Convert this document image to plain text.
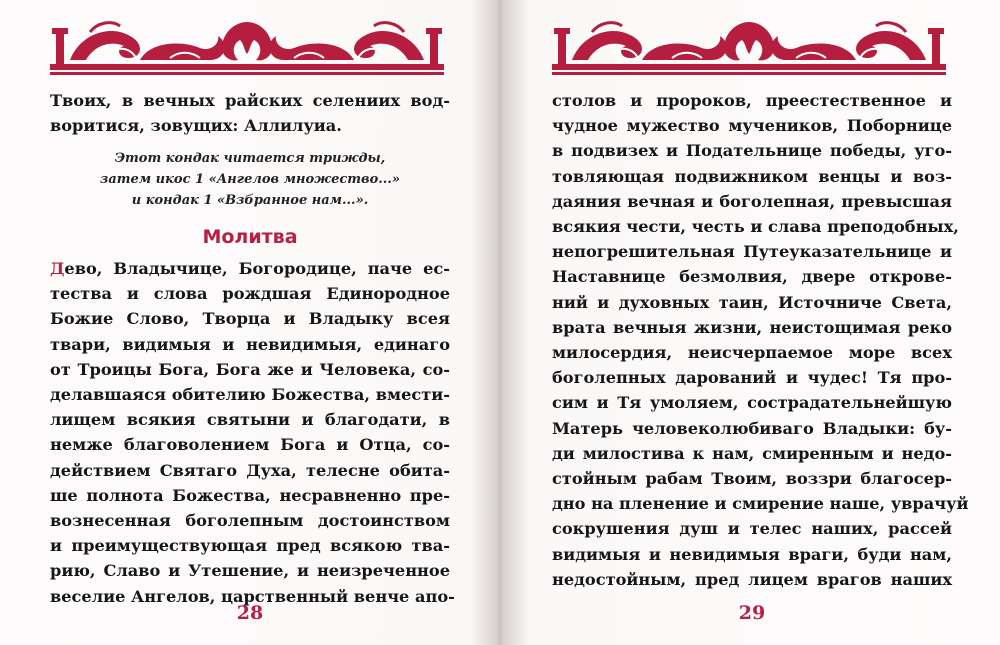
Твоих, в вечных райских селениих вод-
воритися, зовущих: Аллилуиа.
Этот кондак читается трижды,
затем икос 1 «Ангелов множество...»
и кондак 1 «Взбранное нам...».
Молитва
Дево, Владычице, Богородице, паче ес-
тества и слова рождшая Единородное
Божие Слово, Творца и Владыку всея
твари, видимыя и невидимыя, единаго
от Троицы Бога, Бога же и Человека, со-
делавшаяся обителию Божества, вмести-
лищем всякия святыни и благодати, в
немже благоволением Бога и Отца, со-
действием Святаго Духа, телесне обита-
ше полнота Божества, несравненно пре-
вознесенная боголепным достоинством
и преимуществующая пред всякою тва-
рию, Славо и Утешение, и неизреченное
веселие Ангелов, царственный венче апо-
28
столов и пророков, преестественное и
чудное мужество мучеников, Поборнице
в подвизех и Подательнице победы, уго-
товляющая подвижником венцы и воз-
даяния вечная и боголепная, превысшая
всякия чести, честь и слава преподобных,
непогрешительная Путеуказательнице и
Наставнице безмолвия, двере открове-
ний и духовных таин, Источниче Света,
врата вечныя жизни, неистощимая реко
милосердия, неисчерпаемое море всех
боголепных дарований и чудес! Тя про-
сим и Тя умоляем, сострадательнейшую
Матерь человеколюбиваго Владыки: бу-
ди милостива к нам, смиренным и недо-
стойным рабам Твоим, воззри благосер-
дно на пленение и смирение наше, уврачуй
сокрушения душ и телес наших, рассей
видимыя и невидимыя враги, буди нам,
недостойным, пред лицем врагов наших
29
